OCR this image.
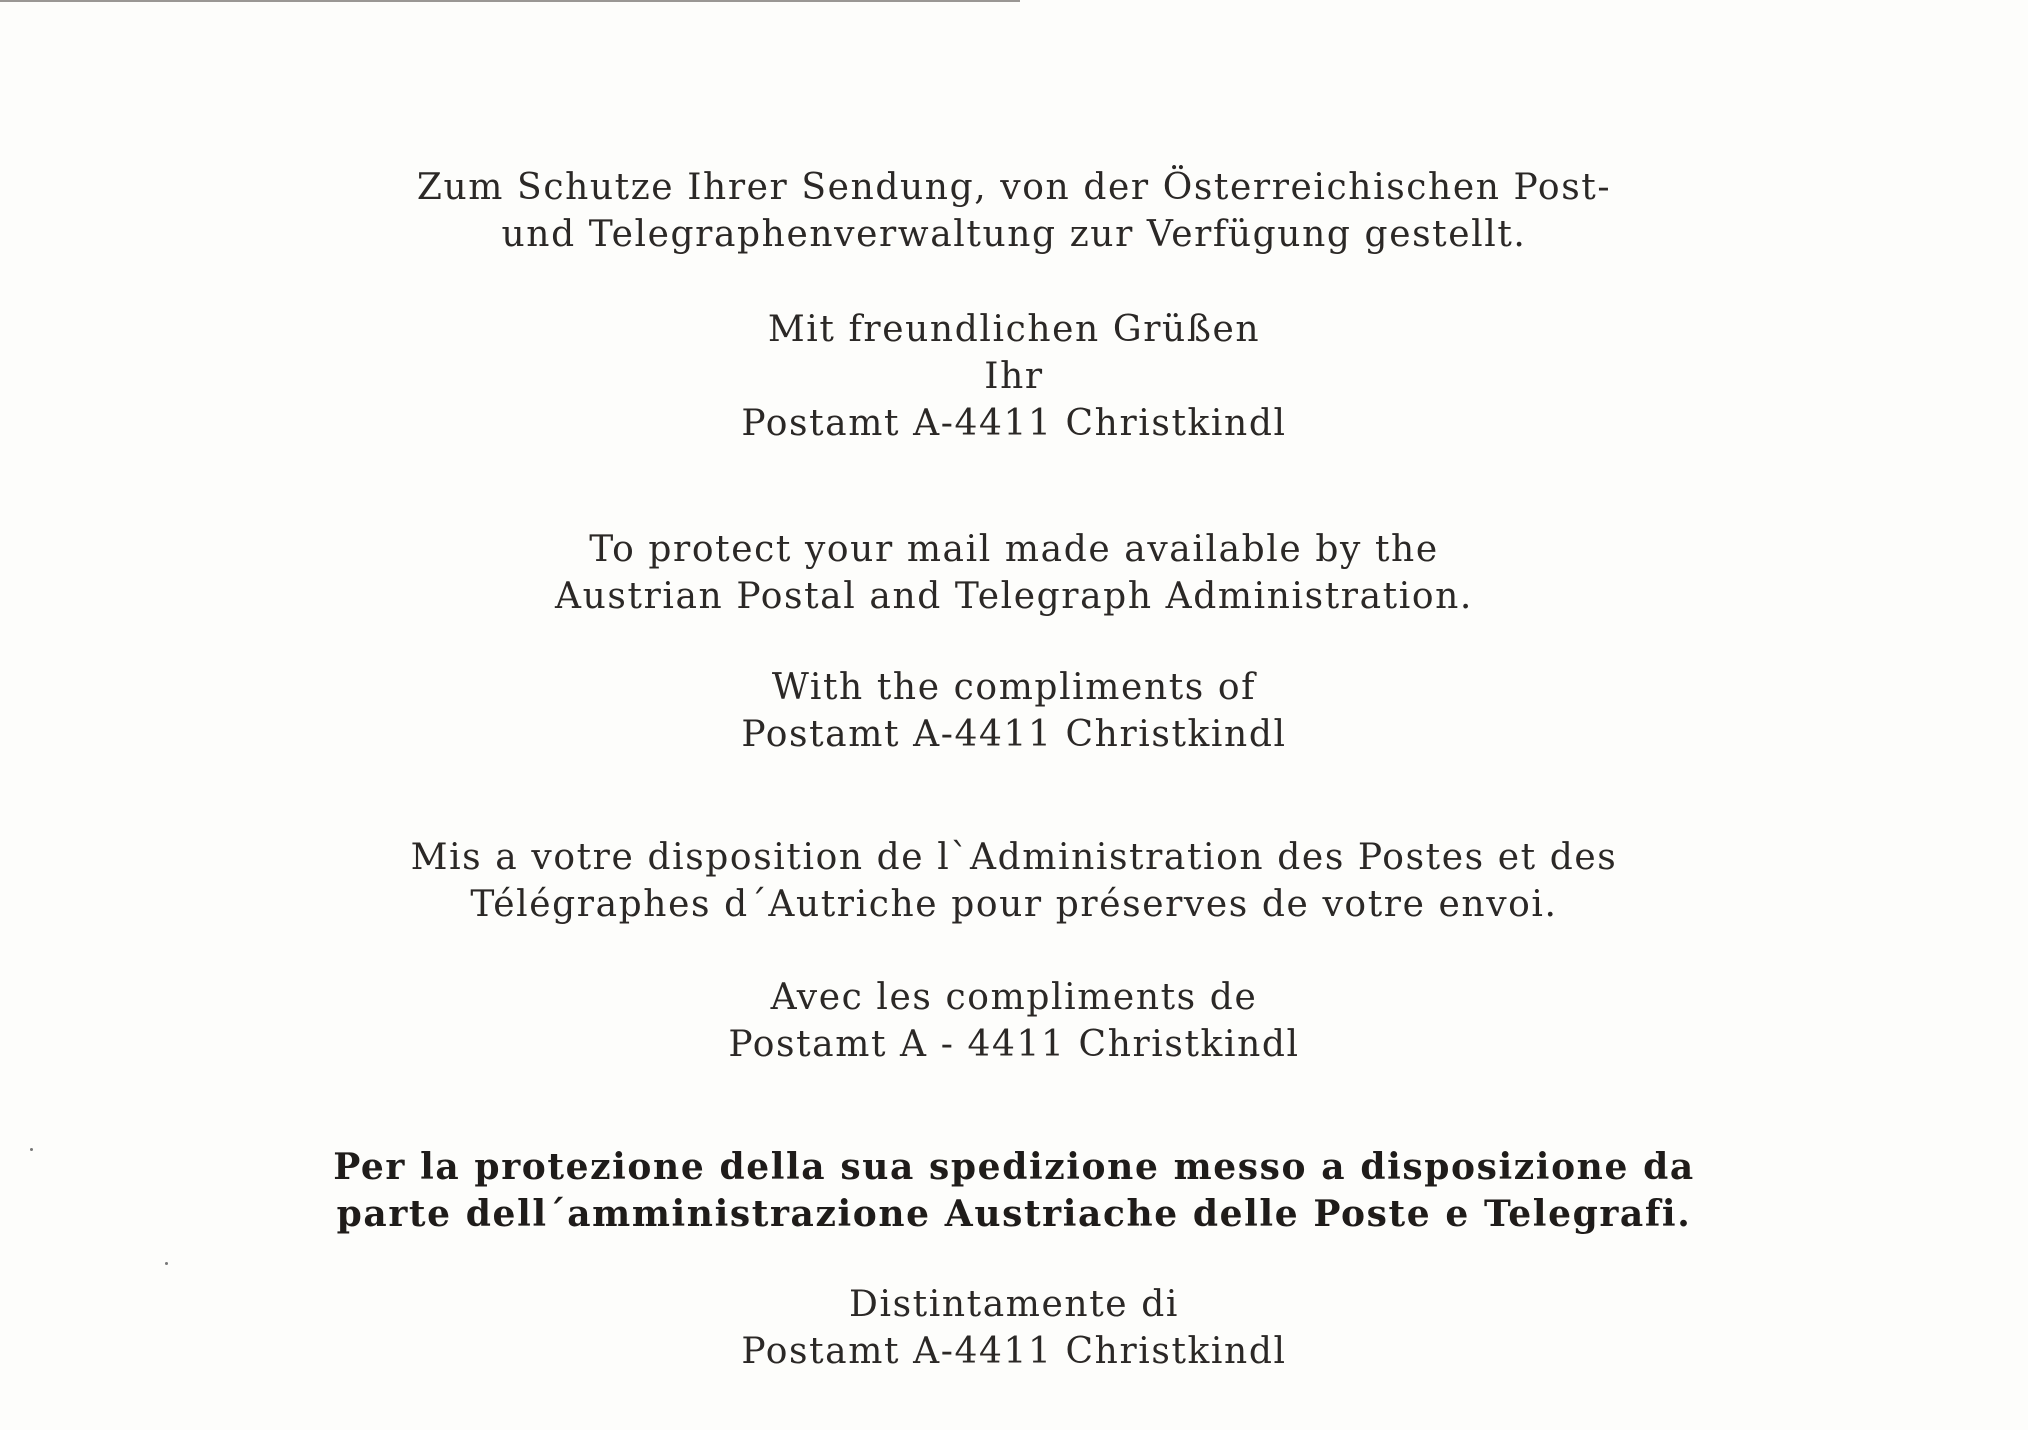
Zum Schutze Ihrer Sendung, von der Österreichischen Post-
und Telegraphenverwaltung zur Verfügung gestellt.
Mit freundlichen Grüßen
Ihr
Postamt A-4411 Christkindl
To protect your mail made available by the
Austrian Postal and Telegraph Administration.
With the compliments of
Postamt A-4411 Christkindl
Mis a votre disposition de l`Administration des Postes et des
Télégraphes d´Autriche pour préserves de votre envoi.
Avec les compliments de
Postamt A - 4411 Christkindl
Per la protezione della sua spedizione messo a disposizione da
parte dell´amministrazione Austriache delle Poste e Telegrafi.
Distintamente di
Postamt A-4411 Christkindl
